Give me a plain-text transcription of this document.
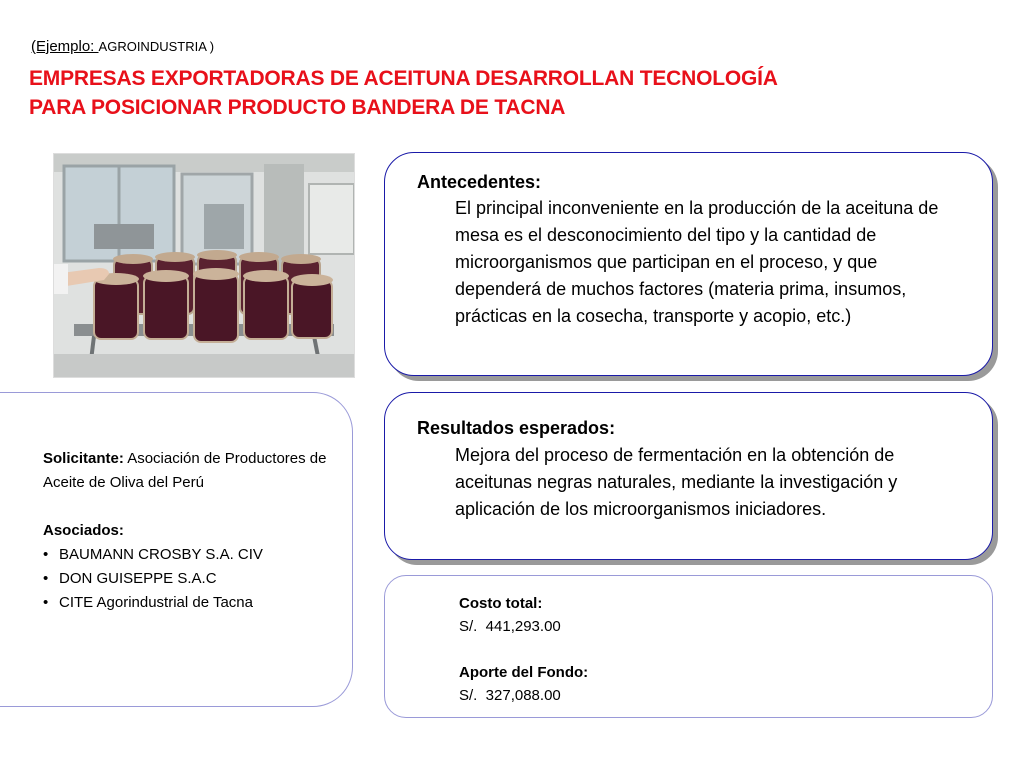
(Ejemplo: AGROINDUSTRIA )
EMPRESAS EXPORTADORAS DE ACEITUNA DESARROLLAN TECNOLOGÍA
PARA POSICIONAR PRODUCTO BANDERA DE TACNA
Antecedentes:
El principal inconveniente en la producción de la aceituna de mesa es el desconocimiento del tipo y la cantidad de microorganismos que participan en el proceso, y que dependerá de muchos factores (materia prima, insumos, prácticas en la cosecha, transporte y acopio, etc.)
Resultados esperados:
Mejora del proceso de fermentación en la obtención de aceitunas negras naturales, mediante la investigación y aplicación de los microorganismos iniciadores.
Costo total:
S/.  441,293.00
Aporte del Fondo:
S/.  327,088.00
Solicitante: Asociación de Productores de Aceite de Oliva del Perú
Asociados:
• BAUMANN CROSBY S.A. CIV
• DON GUISEPPE S.A.C
• CITE Agorindustrial de Tacna
